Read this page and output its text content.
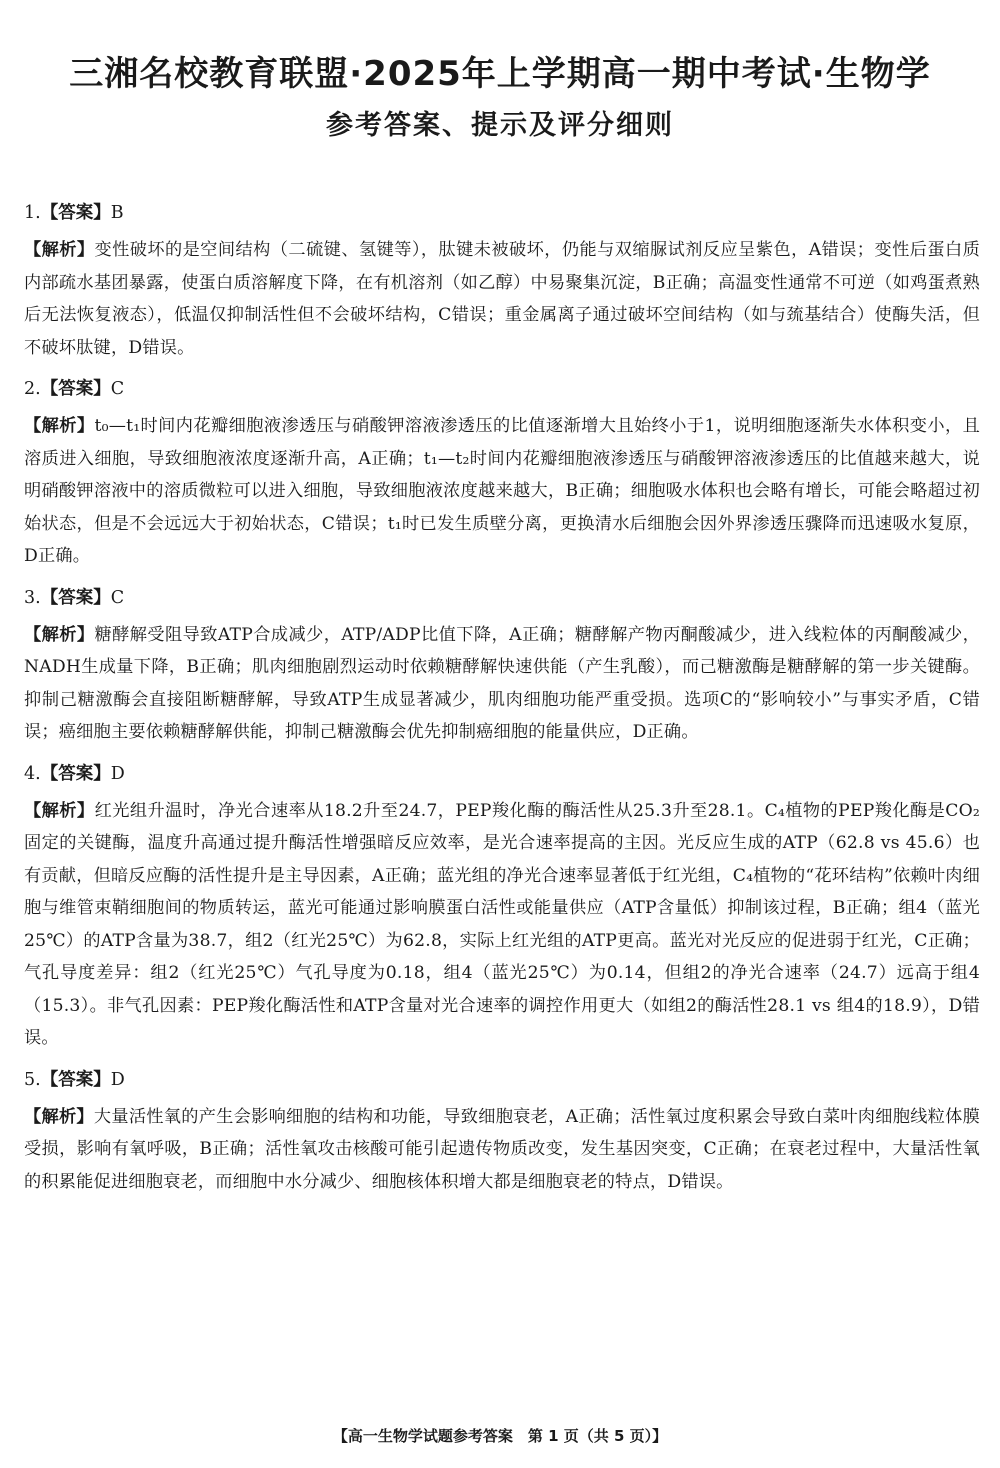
三湘名校教育联盟·2025年上学期高一期中考试·生物学
参考答案、提示及评分细则
1.【答案】B
【解析】变性破坏的是空间结构（二硫键、氢键等），肽键未被破坏，仍能与双缩脲试剂反应呈紫色，A错误；变性后蛋白质内部疏水基团暴露，使蛋白质溶解度下降，在有机溶剂（如乙醇）中易聚集沉淀，B正确；高温变性通常不可逆（如鸡蛋煮熟后无法恢复液态），低温仅抑制活性但不会破坏结构，C错误；重金属离子通过破坏空间结构（如与巯基结合）使酶失活，但不破坏肽键，D错误。
2.【答案】C
【解析】t₀—t₁时间内花瓣细胞液渗透压与硝酸钾溶液渗透压的比值逐渐增大且始终小于1，说明细胞逐渐失水体积变小，且溶质进入细胞，导致细胞液浓度逐渐升高，A正确；t₁—t₂时间内花瓣细胞液渗透压与硝酸钾溶液渗透压的比值越来越大，说明硝酸钾溶液中的溶质微粒可以进入细胞，导致细胞液浓度越来越大，B正确；细胞吸水体积也会略有增长，可能会略超过初始状态，但是不会远远大于初始状态，C错误；t₁时已发生质壁分离，更换清水后细胞会因外界渗透压骤降而迅速吸水复原，D正确。
3.【答案】C
【解析】糖酵解受阻导致ATP合成减少，ATP/ADP比值下降，A正确；糖酵解产物丙酮酸减少，进入线粒体的丙酮酸减少，NADH生成量下降，B正确；肌肉细胞剧烈运动时依赖糖酵解快速供能（产生乳酸），而己糖激酶是糖酵解的第一步关键酶。抑制己糖激酶会直接阻断糖酵解，导致ATP生成显著减少，肌肉细胞功能严重受损。选项C的“影响较小”与事实矛盾，C错误；癌细胞主要依赖糖酵解供能，抑制己糖激酶会优先抑制癌细胞的能量供应，D正确。
4.【答案】D
【解析】红光组升温时，净光合速率从18.2升至24.7，PEP羧化酶的酶活性从25.3升至28.1。C₄植物的PEP羧化酶是CO₂固定的关键酶，温度升高通过提升酶活性增强暗反应效率，是光合速率提高的主因。光反应生成的ATP（62.8 vs 45.6）也有贡献，但暗反应酶的活性提升是主导因素，A正确；蓝光组的净光合速率显著低于红光组，C₄植物的“花环结构”依赖叶肉细胞与维管束鞘细胞间的物质转运，蓝光可能通过影响膜蛋白活性或能量供应（ATP含量低）抑制该过程，B正确；组4（蓝光25℃）的ATP含量为38.7，组2（红光25℃）为62.8，实际上红光组的ATP更高。蓝光对光反应的促进弱于红光，C正确；气孔导度差异：组2（红光25℃）气孔导度为0.18，组4（蓝光25℃）为0.14，但组2的净光合速率（24.7）远高于组4（15.3）。非气孔因素：PEP羧化酶活性和ATP含量对光合速率的调控作用更大（如组2的酶活性28.1 vs 组4的18.9），D错误。
5.【答案】D
【解析】大量活性氧的产生会影响细胞的结构和功能，导致细胞衰老，A正确；活性氧过度积累会导致白菜叶肉细胞线粒体膜受损，影响有氧呼吸，B正确；活性氧攻击核酸可能引起遗传物质改变，发生基因突变，C正确；在衰老过程中，大量活性氧的积累能促进细胞衰老，而细胞中水分减少、细胞核体积增大都是细胞衰老的特点，D错误。
【高一生物学试题参考答案　第 1 页（共 5 页）】
